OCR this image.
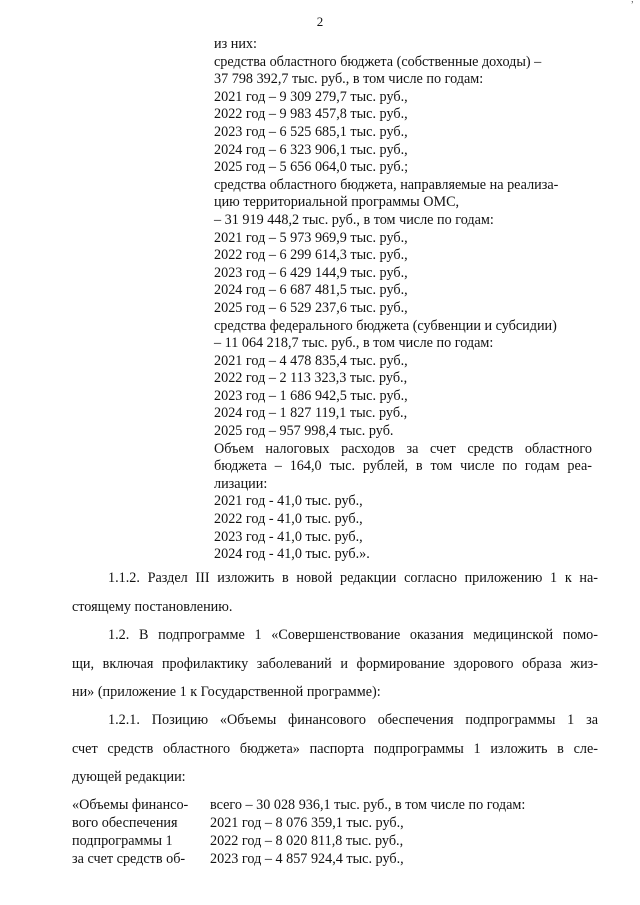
’
2
из них:
средства областного бюджета (собственные доходы) –
37 798 392,7 тыс. руб., в том числе по годам:
2021 год – 9 309 279,7 тыс. руб.,
2022 год – 9 983 457,8 тыс. руб.,
2023 год – 6 525 685,1 тыс. руб.,
2024 год – 6 323 906,1 тыс. руб.,
2025 год – 5 656 064,0 тыс. руб.;
средства областного бюджета, направляемые на реализа-
цию территориальной программы ОМС,
– 31 919 448,2 тыс. руб., в том числе по годам:
2021 год – 5 973 969,9 тыс. руб.,
2022 год – 6 299 614,3 тыс. руб.,
2023 год – 6 429 144,9 тыс. руб.,
2024 год – 6 687 481,5 тыс. руб.,
2025 год – 6 529 237,6 тыс. руб.,
средства федерального бюджета (субвенции и субсидии)
– 11 064 218,7 тыс. руб., в том числе по годам:
2021 год – 4 478 835,4 тыс. руб.,
2022 год – 2 113 323,3 тыс. руб.,
2023 год – 1 686 942,5 тыс. руб.,
2024 год – 1 827 119,1 тыс. руб.,
2025 год – 957 998,4 тыс. руб.
Объем налоговых расходов за счет средств областного
бюджета – 164,0 тыс. рублей, в том числе по годам реа-
лизации:
2021 год - 41,0 тыс. руб.,
2022 год - 41,0 тыс. руб.,
2023 год - 41,0 тыс. руб.,
2024 год - 41,0 тыс. руб.».
1.1.2. Раздел III изложить в новой редакции согласно приложению 1 к на-
стоящему постановлению.
1.2. В подпрограмме 1 «Совершенствование оказания медицинской помо-
щи, включая профилактику заболеваний и формирование здорового образа жиз-
ни» (приложение 1 к Государственной программе):
1.2.1. Позицию «Объемы финансового обеспечения подпрограммы 1 за
счет средств областного бюджета» паспорта подпрограммы 1 изложить в сле-
дующей редакции:
«Объемы финансо-	всего – 30 028 936,1 тыс. руб., в том числе по годам:
вого обеспечения	2021 год – 8 076 359,1 тыс. руб.,
подпрограммы 1	2022 год – 8 020 811,8 тыс. руб.,
за счет средств об-	2023 год – 4 857 924,4 тыс. руб.,
